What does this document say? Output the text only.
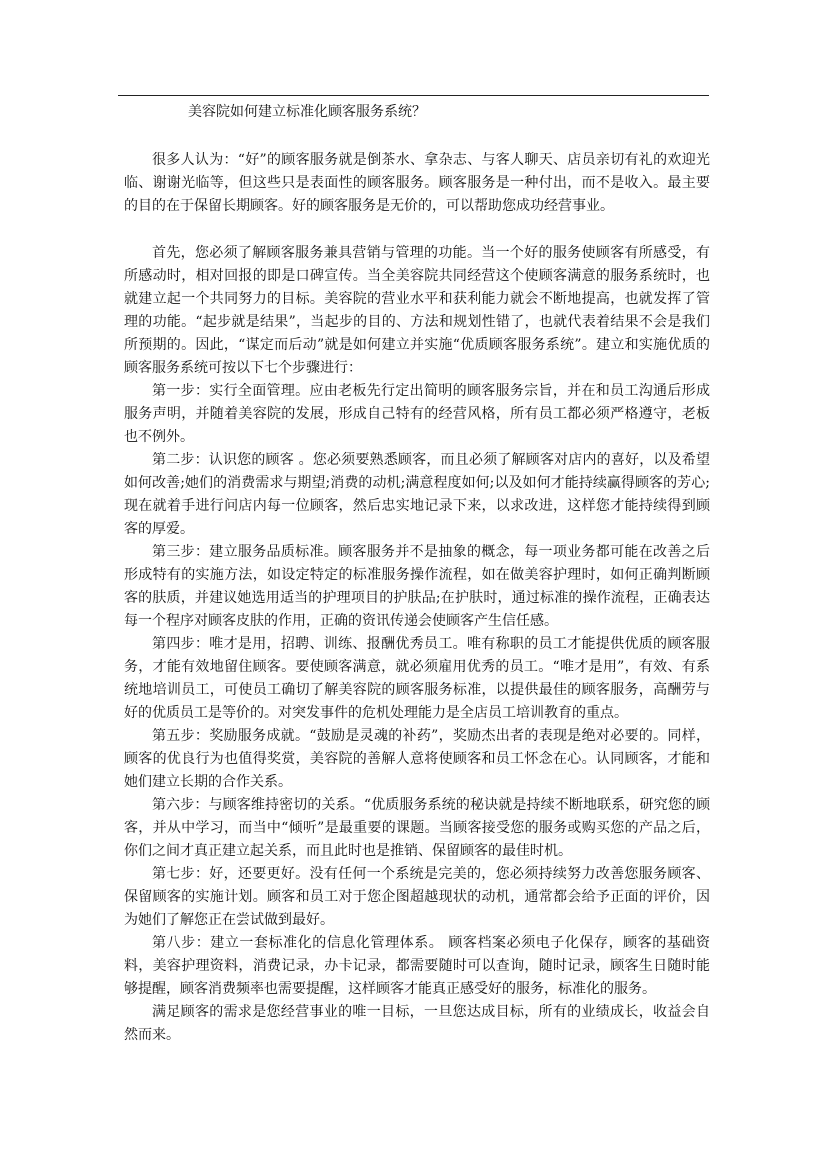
美容院如何建立标准化顾客服务系统？

很多人认为：“好”的顾客服务就是倒茶水、拿杂志、与客人聊天、店员亲切有礼的欢迎光临、谢谢光临等，但这些只是表面性的顾客服务。顾客服务是一种付出，而不是收入。最主要的目的在于保留长期顾客。好的顾客服务是无价的，可以帮助您成功经营事业。

首先，您必须了解顾客服务兼具营销与管理的功能。当一个好的服务使顾客有所感受，有所感动时，相对回报的即是口碑宣传。当全美容院共同经营这个使顾客满意的服务系统时，也就建立起一个共同努力的目标。美容院的营业水平和获利能力就会不断地提高，也就发挥了管理的功能。“起步就是结果”，当起步的目的、方法和规划性错了，也就代表着结果不会是我们所预期的。因此，“谋定而后动”就是如何建立并实施“优质顾客服务系统”。建立和实施优质的顾客服务系统可按以下七个步骤进行：

第一步：实行全面管理。应由老板先行定出简明的顾客服务宗旨，并在和员工沟通后形成服务声明，并随着美容院的发展，形成自己特有的经营风格，所有员工都必须严格遵守，老板也不例外。

第二步：认识您的顾客 。您必须要熟悉顾客，而且必须了解顾客对店内的喜好，以及希望如何改善;她们的消费需求与期望;消费的动机;满意程度如何;以及如何才能持续赢得顾客的芳心;现在就着手进行问店内每一位顾客，然后忠实地记录下来，以求改进，这样您才能持续得到顾客的厚爱。

第三步：建立服务品质标准。顾客服务并不是抽象的概念，每一项业务都可能在改善之后形成特有的实施方法，如设定特定的标准服务操作流程，如在做美容护理时，如何正确判断顾客的肤质，并建议她选用适当的护理项目的护肤品;在护肤时，通过标准的操作流程，正确表达每一个程序对顾客皮肤的作用，正确的资讯传递会使顾客产生信任感。

第四步：唯才是用，招聘、训练、报酬优秀员工。唯有称职的员工才能提供优质的顾客服务，才能有效地留住顾客。要使顾客满意，就必须雇用优秀的员工。“唯才是用”，有效、有系统地培训员工，可使员工确切了解美容院的顾客服务标准，以提供最佳的顾客服务，高酬劳与好的优质员工是等价的。对突发事件的危机处理能力是全店员工培训教育的重点。

第五步：奖励服务成就。“鼓励是灵魂的补药”，奖励杰出者的表现是绝对必要的。同样，顾客的优良行为也值得奖赏，美容院的善解人意将使顾客和员工怀念在心。认同顾客，才能和她们建立长期的合作关系。

第六步：与顾客维持密切的关系。“优质服务系统的秘诀就是持续不断地联系，研究您的顾客，并从中学习，而当中“倾听”是最重要的课题。当顾客接受您的服务或购买您的产品之后，你们之间才真正建立起关系，而且此时也是推销、保留顾客的最佳时机。

第七步：好，还要更好。没有任何一个系统是完美的，您必须持续努力改善您服务顾客、保留顾客的实施计划。顾客和员工对于您企图超越现状的动机，通常都会给予正面的评价，因为她们了解您正在尝试做到最好。

第八步：建立一套标准化的信息化管理体系。 顾客档案必须电子化保存，顾客的基础资料，美容护理资料，消费记录，办卡记录，都需要随时可以查询，随时记录，顾客生日随时能够提醒，顾客消费频率也需要提醒，这样顾客才能真正感受好的服务，标准化的服务。

满足顾客的需求是您经营事业的唯一目标，一旦您达成目标，所有的业绩成长，收益会自然而来。
